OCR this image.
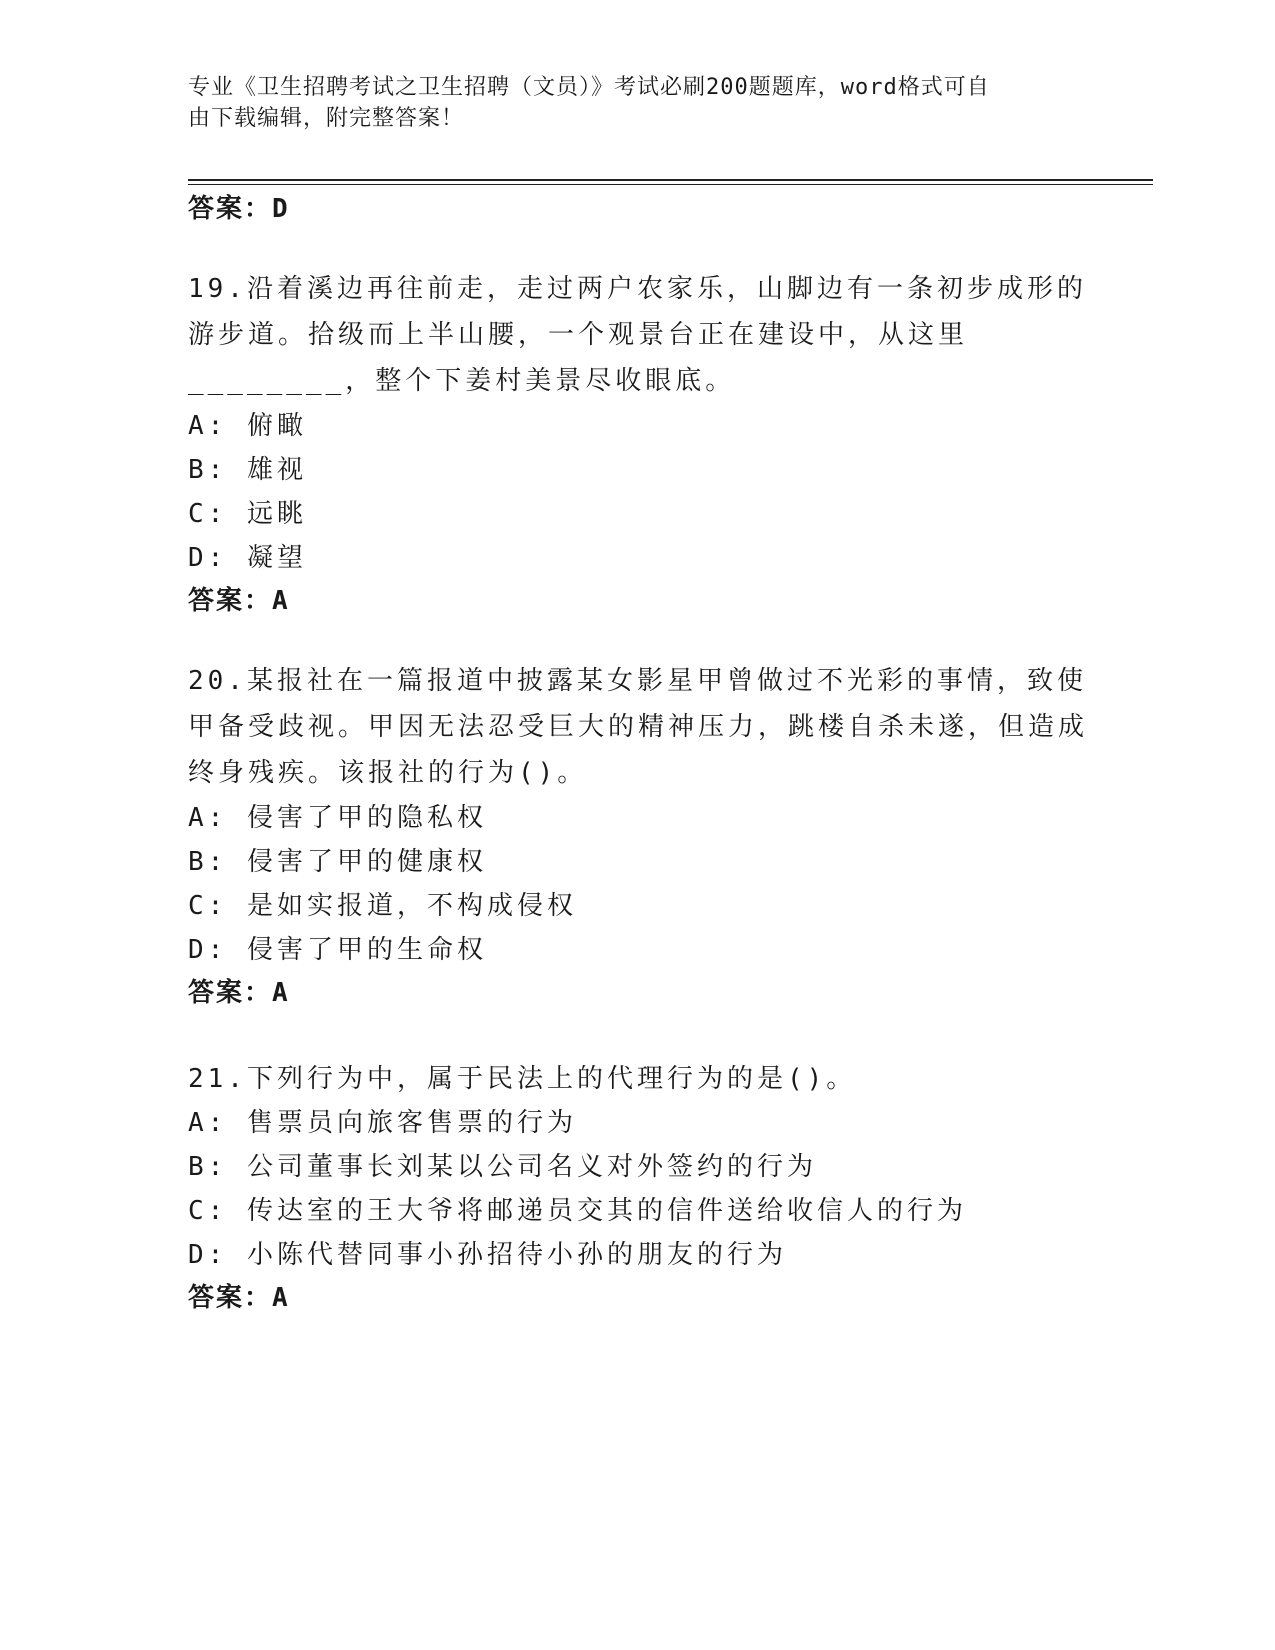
专业《卫生招聘考试之卫生招聘（文员）》考试必刷200题题库，word格式可自
由下载编辑，附完整答案！
答案：D
19.沿着溪边再往前走，走过两户农家乐，山脚边有一条初步成形的游步道。拾级而上半山腰，一个观景台正在建设中，从这里________，整个下姜村美景尽收眼底。
A: 俯瞰
B: 雄视
C: 远眺
D: 凝望
答案：A
20.某报社在一篇报道中披露某女影星甲曾做过不光彩的事情，致使甲备受歧视。甲因无法忍受巨大的精神压力，跳楼自杀未遂，但造成终身残疾。该报社的行为()。
A: 侵害了甲的隐私权
B: 侵害了甲的健康权
C: 是如实报道，不构成侵权
D: 侵害了甲的生命权
答案：A
21.下列行为中，属于民法上的代理行为的是()。
A: 售票员向旅客售票的行为
B: 公司董事长刘某以公司名义对外签约的行为
C: 传达室的王大爷将邮递员交其的信件送给收信人的行为
D: 小陈代替同事小孙招待小孙的朋友的行为
答案：A
